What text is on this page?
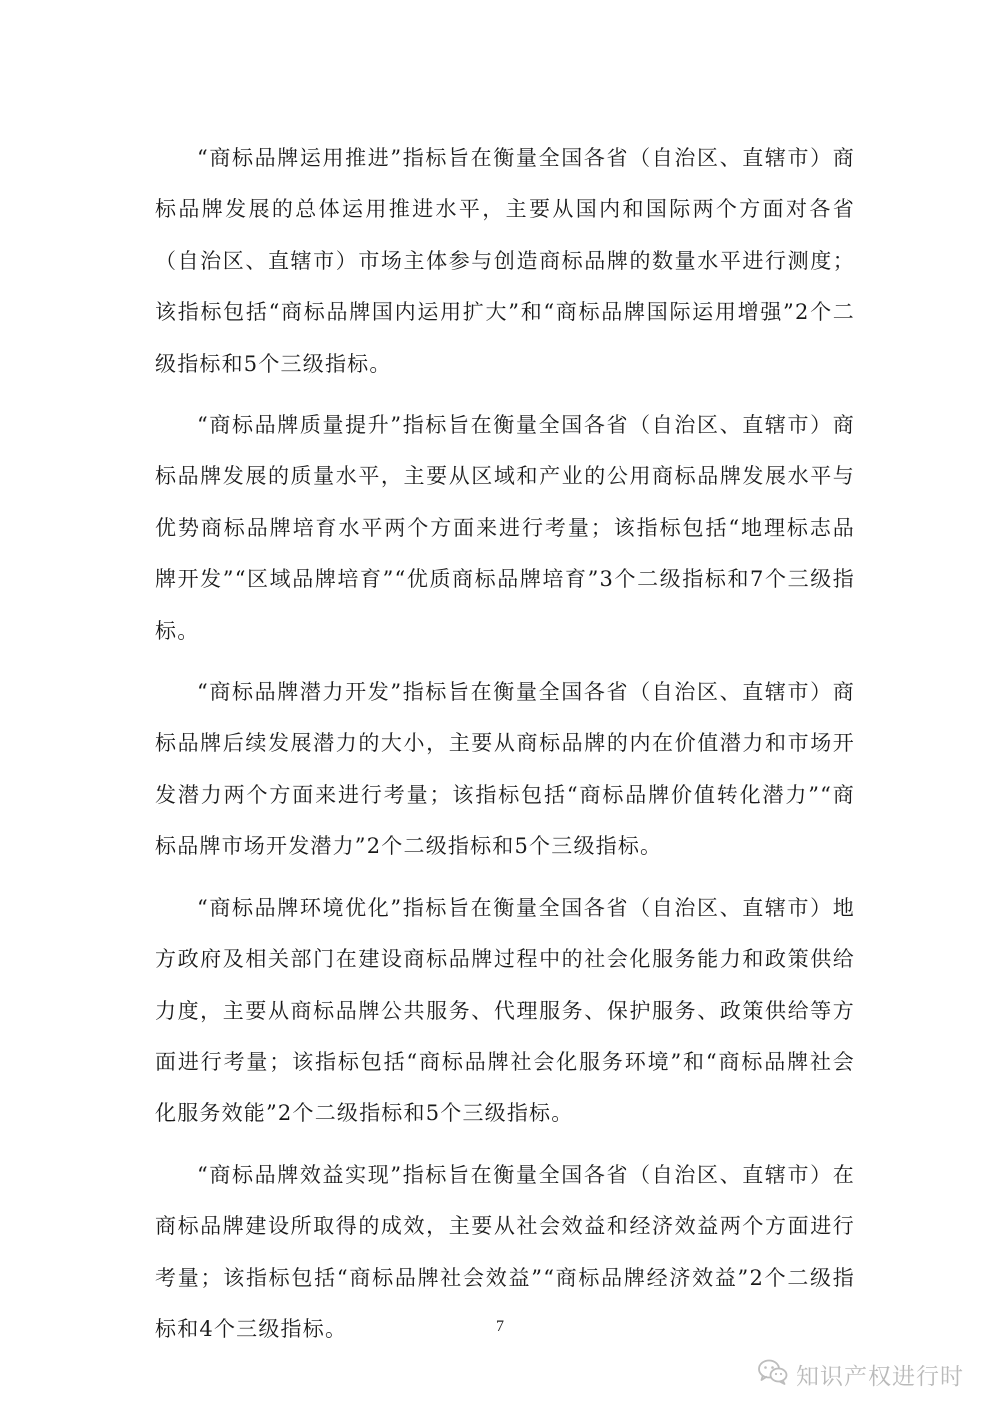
“商标品牌运用推进”指标旨在衡量全国各省（自治区、直辖市）商标品牌发展的总体运用推进水平，主要从国内和国际两个方面对各省（自治区、直辖市）市场主体参与创造商标品牌的数量水平进行测度；该指标包括“商标品牌国内运用扩大”和“商标品牌国际运用增强”2个二级指标和5个三级指标。

“商标品牌质量提升”指标旨在衡量全国各省（自治区、直辖市）商标品牌发展的质量水平，主要从区域和产业的公用商标品牌发展水平与优势商标品牌培育水平两个方面来进行考量；该指标包括“地理标志品牌开发”“区域品牌培育”“优质商标品牌培育”3个二级指标和7个三级指标。

“商标品牌潜力开发”指标旨在衡量全国各省（自治区、直辖市）商标品牌后续发展潜力的大小，主要从商标品牌的内在价值潜力和市场开发潜力两个方面来进行考量；该指标包括“商标品牌价值转化潜力”“商标品牌市场开发潜力”2个二级指标和5个三级指标。

“商标品牌环境优化”指标旨在衡量全国各省（自治区、直辖市）地方政府及相关部门在建设商标品牌过程中的社会化服务能力和政策供给力度，主要从商标品牌公共服务、代理服务、保护服务、政策供给等方面进行考量；该指标包括“商标品牌社会化服务环境”和“商标品牌社会化服务效能”2个二级指标和5个三级指标。

“商标品牌效益实现”指标旨在衡量全国各省（自治区、直辖市）在商标品牌建设所取得的成效，主要从社会效益和经济效益两个方面进行考量；该指标包括“商标品牌社会效益”“商标品牌经济效益”2个二级指标和4个三级指标。	7
知识产权进行时
